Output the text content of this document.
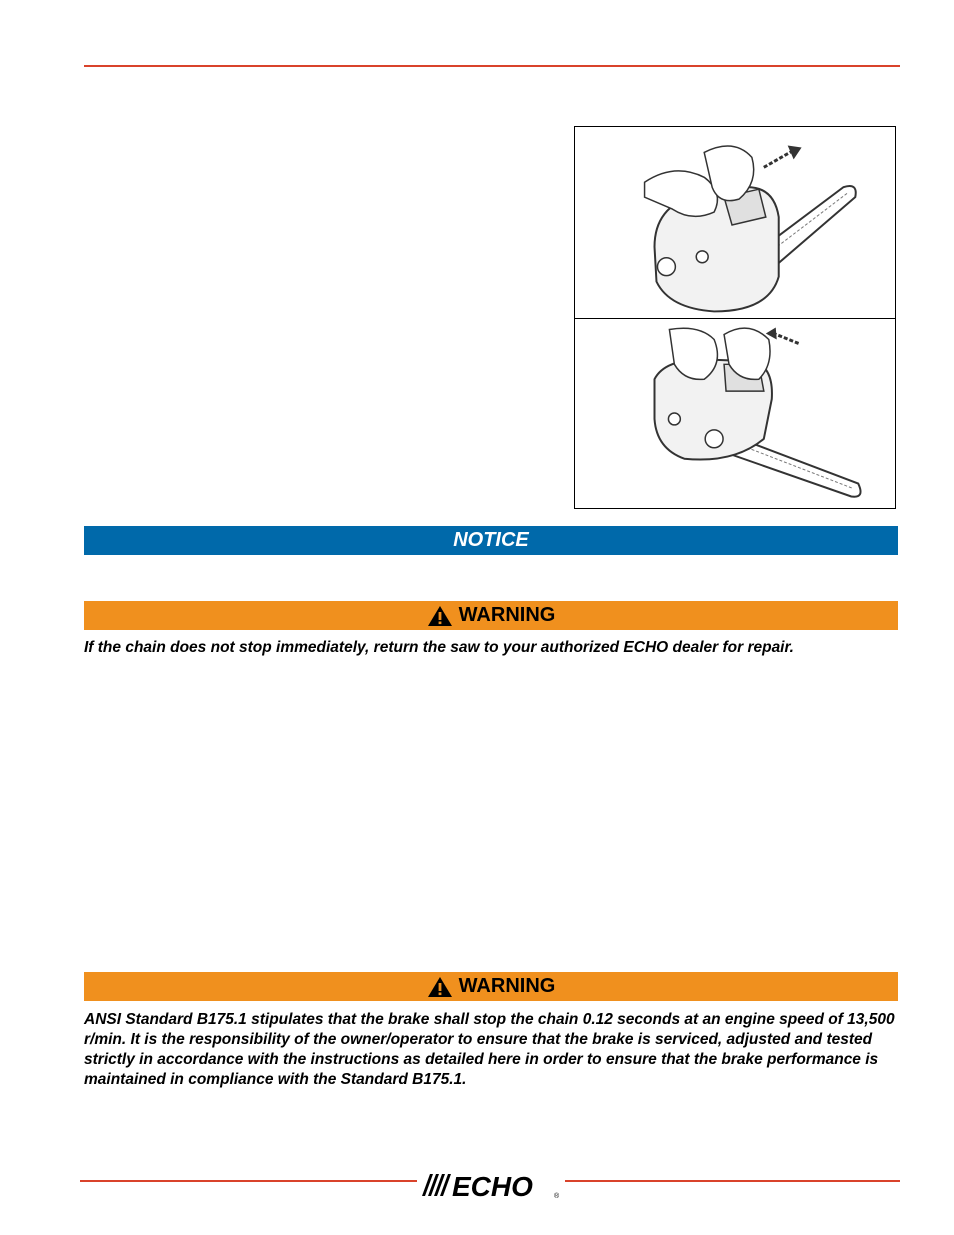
NOTICE
WARNING
If the chain does not stop immediately, return the saw to your authorized ECHO dealer for repair.
WARNING
ANSI Standard B175.1 stipulates that the brake shall stop the chain 0.12 seconds at an engine speed of 13,500 r/min. It is the responsibility of the owner/operator to ensure that the brake is serviced, adjusted and tested strictly in accordance with the instructions as detailed here in order to ensure that the brake performance is maintained in compliance with the Standard B175.1.
ECHO	®
